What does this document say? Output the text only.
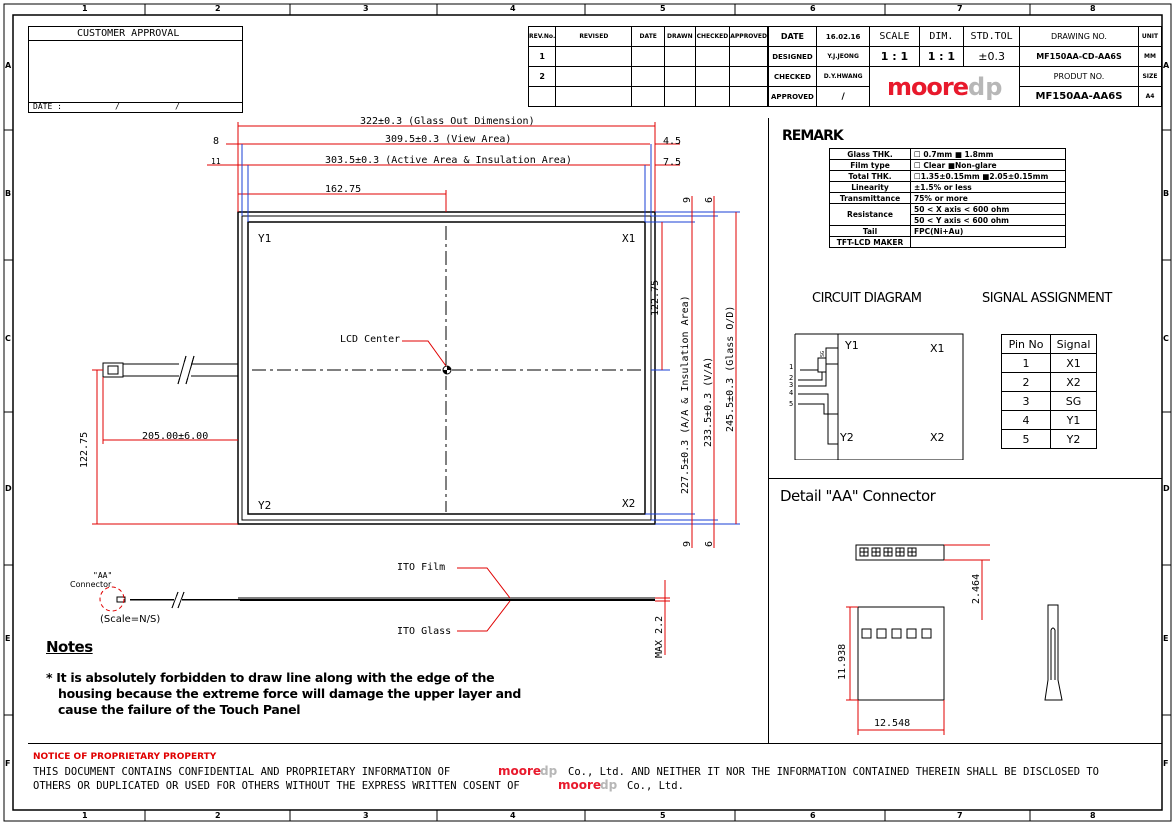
1	2	3	4	5	6	7	8
1	2	3	4	5	6	7	8
A
B
C
D
E
F
A
B
C
D
E
F
CUSTOMER APPROVAL
DATE :	/	/
REV.No.	REVISED	DATE	DRAWN	CHECKED	APPROVED
1					
2					

DATE	16.02.16	SCALE	DIM.	STD.TOL	DRAWING NO.	UNIT
DESIGNED	Y.J.JEONG	1 : 1	1 : 1	±0.3	MF150AA-CD-AA6S	MM
CHECKED	D.Y.HWANG	mooredp			PRODUT NO.	SIZE
APPROVED	/				MF150AA-AA6S	A4
REMARK
Glass THK.	☐ 0.7mm ■ 1.8mm
Film type	☐ Clear ■Non-glare
Total THK.	☐1.35±0.15mm ■2.05±0.15mm
Linearity	±1.5% or less
Transmittance	75% or more
Resistance	50 < X axis < 600 ohm
	50 < Y axis < 600 ohm
Tail	FPC(Ni+Au)
TFT-LCD MAKER	
CIRCUIT DIAGRAM
SG
Y1	X1
Y2	X2
1
2
3
4
5
SIGNAL ASSIGNMENT
Pin No	Signal
1	X1
2	X2
3	SG
4	Y1
5	Y2
Detail "AA" Connector
2.464
11.938
12.548
322±0.3 (Glass Out Dimension)
309.5±0.3 (View Area)
303.5±0.3 (Active Area & Insulation Area)
162.75
8
11
4.5
7.5
122.75 227.5±0.3 (A/A & Insulation Area) 233.5±0.3 (V/A) 245.5±0.3 (Glass O/D)
9 6
9 6
Y1	X1
Y2	X2
LCD Center
205.00±6.00
122.75
"AA"
Connector
(Scale=N/S)
ITO Film
ITO Glass	MAX 2.2
Notes
* It is absolutely forbidden to draw line along with the edge of the
housing because the extreme force will damage the upper layer and
cause the failure of the Touch Panel
NOTICE OF PROPRIETARY PROPERTY
THIS DOCUMENT CONTAINS CONFIDENTIAL AND PROPRIETARY INFORMATION OF	moore
dp Co., Ltd. AND NEITHER IT NOR THE INFORMATION CONTAINED THEREIN SHALL BE DISCLOSED TO
OTHERS OR DUPLICATED OR USED FOR OTHERS WITHOUT THE EXPRESS WRITTEN COSENT OF	moore
dp Co., Ltd.
